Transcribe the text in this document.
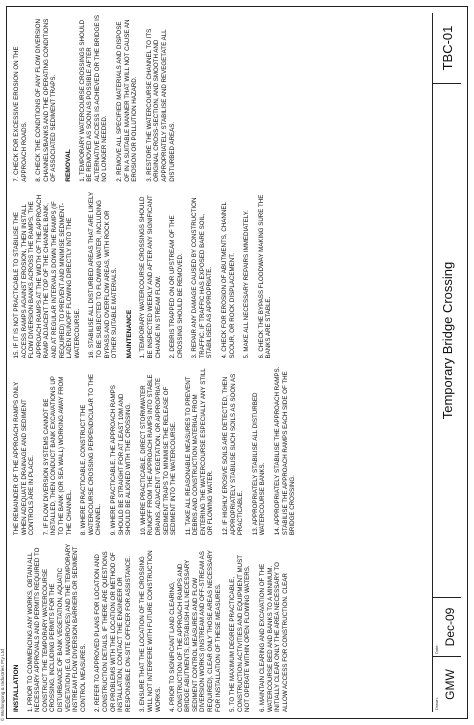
© Wollongong & Industries Pty Ltd INSTALLATION 1. PRIOR TO COMMENCING ANY WORKS, OBTAIN ALL NECESSARY APPROVALS AND PERMITS REQUIRED TO CONSTRUCT THE TEMPORARY WATERCOURSE CROSSING, INCLUDING PERMITS FOR THE DISTURBANCE OF BANK VEGETATION, AQUATIC VEGETATION (E.G. MANGROVES) AND THE TEMPORARY INSTREAM FLOW DIVERSION BARRIERS OR SEDIMENT CONTROL MEASURES. 2. REFER TO APPROVED PLANS FOR LOCATION AND CONSTRUCTION DETAILS. IF THERE ARE QUESTIONS OR PROBLEMS WITH THE LOCATION OR METHOD OF INSTALLATION, CONTACT THE ENGINEER OR RESPONSIBLE ON-SITE OFFICER FOR ASSISTANCE. 3. ENSURE THAT THE LOCATION OF THE CROSSING WILL NOT INTERFERE WITH FUTURE CONSTRUCTION WORKS. 4. PRIOR TO SIGNIFICANT LAND CLEARING, CONSTRUCTION OF THE APPROACH RAMPS AND BRIDGE ABUTMENTS, ESTABLISH ALL NECESSARY SEDIMENT CONTROL MEASURES AND FLOW DIVERSION WORKS (INSTREAM AND OFF-STREAM AS REQUIRED). CLEAR ONLY THOSE AREAS NECESSARY FOR INSTALLATION OF THESE MEASURES. 5. TO THE MAXIMUM DEGREE PRACTICABLE, CONSTRUCTION ACTIVITIES AND EQUIPMENT MUST NOT OPERATE WITHIN OPEN FLOWING WATERS. 6. MAINTAIN CLEARING AND EXCAVATION OF THE WATERCOURSE BED AND BANKS TO A MINIMUM. INITIALLY CLEAR ONLY THE AREA NECESSARY TO ALLOW ACCESS FOR CONSTRUCTION. CLEAR

THE REMAINDER OF THE APPROACH RAMPS ONLY WHEN ADEQUATE DRAINAGE AND SEDIMENT CONTROLS ARE IN PLACE. 7. IF FLOW DIVERSION SYSTEMS CANNOT BE INSTALLED, THEN CONDUCT BANK EXCAVATIONS UP TO THE BANK (OR SEA WALL) WORKING AWAY FROM THE CHANNEL. 8. WHERE PRACTICABLE, CONSTRUCT THE WATERCOURSE CROSSING PERPENDICULAR TO THE CHANNEL. 9. WHERE PRACTICABLE, THE APPROACH RAMPS SHOULD BE STRAIGHT FOR AT LEAST 10M AND SHOULD BE ALIGNED WITH THE CROSSING. 10. WHERE PRACTICABLE, DIRECT STORMWATER RUNOFF FROM THE APPROACH RAMPS INTO STABLE DRAINS, ADJACENT VEGETATION, OR APPROPRIATE SEDIMENT TRAPS TO MINIMISE THE RELEASE OF SEDIMENT INTO THE WATERCOURSE. 11. TAKE ALL REASONABLE MEASURES TO PREVENT DEBRIS AND CONSTRUCTION MATERIAL FROM ENTERING THE WATERCOURSE ESPECIALLY ANY STILL OR FLOWING WATER. 12. IF HIGHLY EROSIVE SOILS ARE DETECTED, THEN APPROPRIATELY STABILISE SUCH SOILS AS SOON AS PRACTICABLE. 13. APPROPRIATELY STABILISE ALL DISTURBED WATERCOURSE BANKS. 14. APPROPRIATELY STABILISE THE APPROACH RAMPS. STABILISE THE APPROACH RAMPS EACH SIDE OF THE BRIDGE CROSSING.

15. IF IT IS NOT PRACTICABLE TO STABILISE THE ACCESS RAMPS AGAINST EROSION, THEN INSTALL FLOW DIVERSION BANKS ACROSS THE RAMPS. THE APPROACH RAMPS AT THE WIDTH OF THE APPROACH RAMP ADJACENT THE TOP OF THE CHANNEL BANK, AND AT REGULAR INTERVALS DOWN THE RAMPS (IF REQUIRED) TO PREVENT AND MINIMISE SEDIMENT-LADEN RUNOFF FLOWING DIRECTLY INTO THE WATERCOURSE. 16. STABILISE ALL DISTURBED AREAS THAT ARE LIKELY TO BE SUBJECTED TO FLOWING WATER, INCLUDING BYPASS AND OVERFLOW AREAS, WITH ROCK OR OTHER SUITABLE MATERIALS. MAINTENANCE 1. TEMPORARY WATERCOURSE CROSSINGS SHOULD BE INSPECTED WEEKLY AND AFTER ANY SIGNIFICANT CHANGE IN STREAM FLOW. 2. DEBRIS TRAPPED ON OR UPSTREAM OF THE CROSSING SHOULD BE REMOVED. 3. REPAIR ANY DAMAGE CAUSED BY CONSTRUCTION TRAFFIC. IF TRAFFIC HAS EXPOSED BARE SOIL, STABILISED AS APPROPRIATE. 4. CHECK FOR EROSION OF ABUTMENTS, CHANNEL SCOUR, OR ROCK DISPLACEMENT. 5. MAKE ALL NECESSARY REPAIRS IMMEDIATELY. 6. CHECK THE BYPASS FLOODWAY MAKING SURE THE BANKS ARE STABLE.

7. CHECK FOR EXCESSIVE EROSION ON THE APPROACH ROADS. 8. CHECK THE CONDITIONS OF ANY FLOW DIVERSION CHANNELS/BANKS AND THE OPERATING CONDITIONS OF ASSOCIATED SEDIMENT TRAPS. REMOVAL 1. TEMPORARY WATERCOURSE CROSSINGS SHOULD BE REMOVED AS SOON AS POSSIBLE AFTER ALTERNATIVE ACCESS IS ACHIEVED OR THE BRIDGE IS NO LONGER NEEDED. 2. REMOVE ALL SPECIFIED MATERIALS AND DISPOSE OF IN A SUITABLE MANNER THAT WILL NOT CAUSE AN EROSION OR POLLUTION HAZARD. 3. RESTORE THE WATERCOURSE CHANNEL TO ITS ORIGINAL CROSS-SECTION, AND SMOOTH AND APPROPRIATELY STABILISE AND REVEGETATE ALL DISTURBED AREAS.

Drawn:
GMW
Date:
Dec-09
Temporary Bridge Crossing
TBC-01
